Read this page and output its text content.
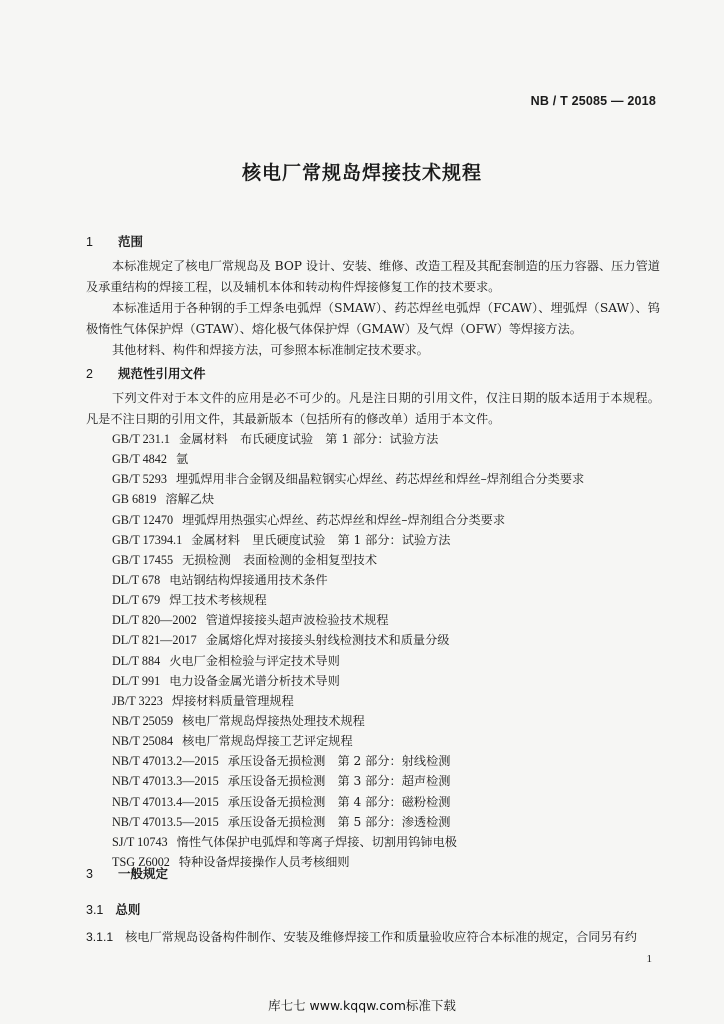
NB / T 25085 — 2018
核电厂常规岛焊接技术规程
1 范围

本标准规定了核电厂常规岛及 BOP 设计、安装、维修、改造工程及其配套制造的压力容器、压力管道及承重结构的焊接工程，以及辅机本体和转动构件焊接修复工作的技术要求。

本标准适用于各种钢的手工焊条电弧焊（SMAW）、药芯焊丝电弧焊（FCAW）、埋弧焊（SAW）、钨极惰性气体保护焊（GTAW）、熔化极气体保护焊（GMAW）及气焊（OFW）等焊接方法。

其他材料、构件和焊接方法，可参照本标准制定技术要求。

2 规范性引用文件

下列文件对于本文件的应用是必不可少的。凡是注日期的引用文件，仅注日期的版本适用于本规程。凡是不注日期的引用文件，其最新版本（包括所有的修改单）适用于本文件。

GB/T 231.1 金属材料　布氏硬度试验　第 1 部分：试验方法
GB/T 4842 氩
GB/T 5293 埋弧焊用非合金钢及细晶粒钢实心焊丝、药芯焊丝和焊丝–焊剂组合分类要求
GB 6819 溶解乙炔
GB/T 12470 埋弧焊用热强实心焊丝、药芯焊丝和焊丝–焊剂组合分类要求
GB/T 17394.1 金属材料　里氏硬度试验　第 1 部分：试验方法
GB/T 17455 无损检测　表面检测的金相复型技术
DL/T 678 电站钢结构焊接通用技术条件
DL/T 679 焊工技术考核规程
DL/T 820—2002 管道焊接接头超声波检验技术规程
DL/T 821—2017 金属熔化焊对接接头射线检测技术和质量分级
DL/T 884 火电厂金相检验与评定技术导则
DL/T 991 电力设备金属光谱分析技术导则
JB/T 3223 焊接材料质量管理规程
NB/T 25059 核电厂常规岛焊接热处理技术规程
NB/T 25084 核电厂常规岛焊接工艺评定规程
NB/T 47013.2—2015 承压设备无损检测　第 2 部分：射线检测
NB/T 47013.3—2015 承压设备无损检测　第 3 部分：超声检测
NB/T 47013.4—2015 承压设备无损检测　第 4 部分：磁粉检测
NB/T 47013.5—2015 承压设备无损检测　第 5 部分：渗透检测
SJ/T 10743 惰性气体保护电弧焊和等离子焊接、切割用钨铈电极
TSG Z6002 特种设备焊接操作人员考核细则
3 一般规定
3.1 总则
3.1.1 核电厂常规岛设备构件制作、安装及维修焊接工作和质量验收应符合本标准的规定，合同另有约
1
库七七 www.kqqw.com标准下载
